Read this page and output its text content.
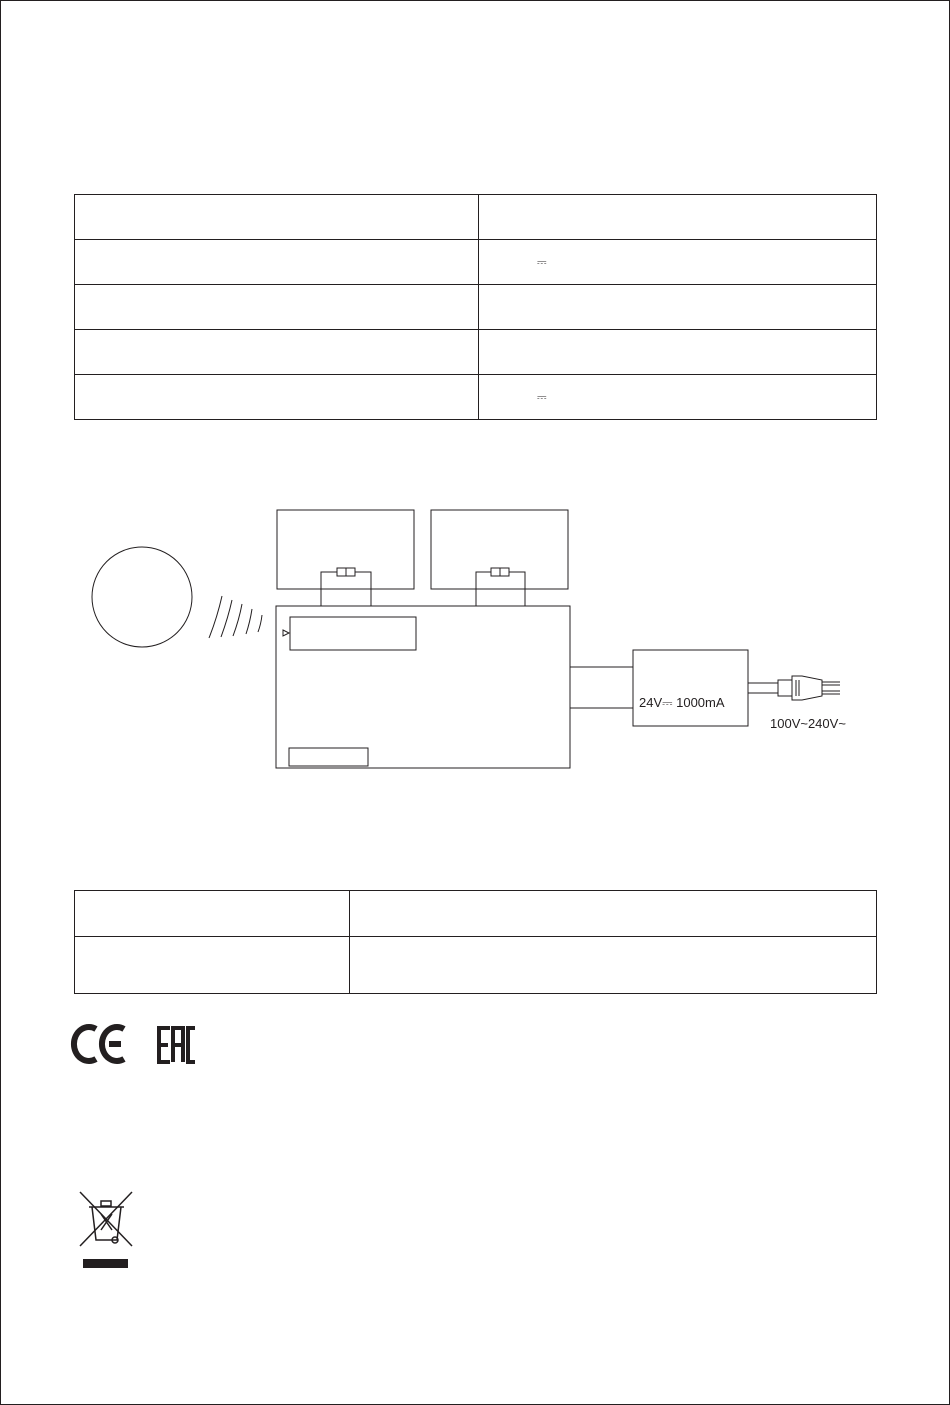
	⎓

	⎓
24V⎓ 1000mA
100V~240V~
